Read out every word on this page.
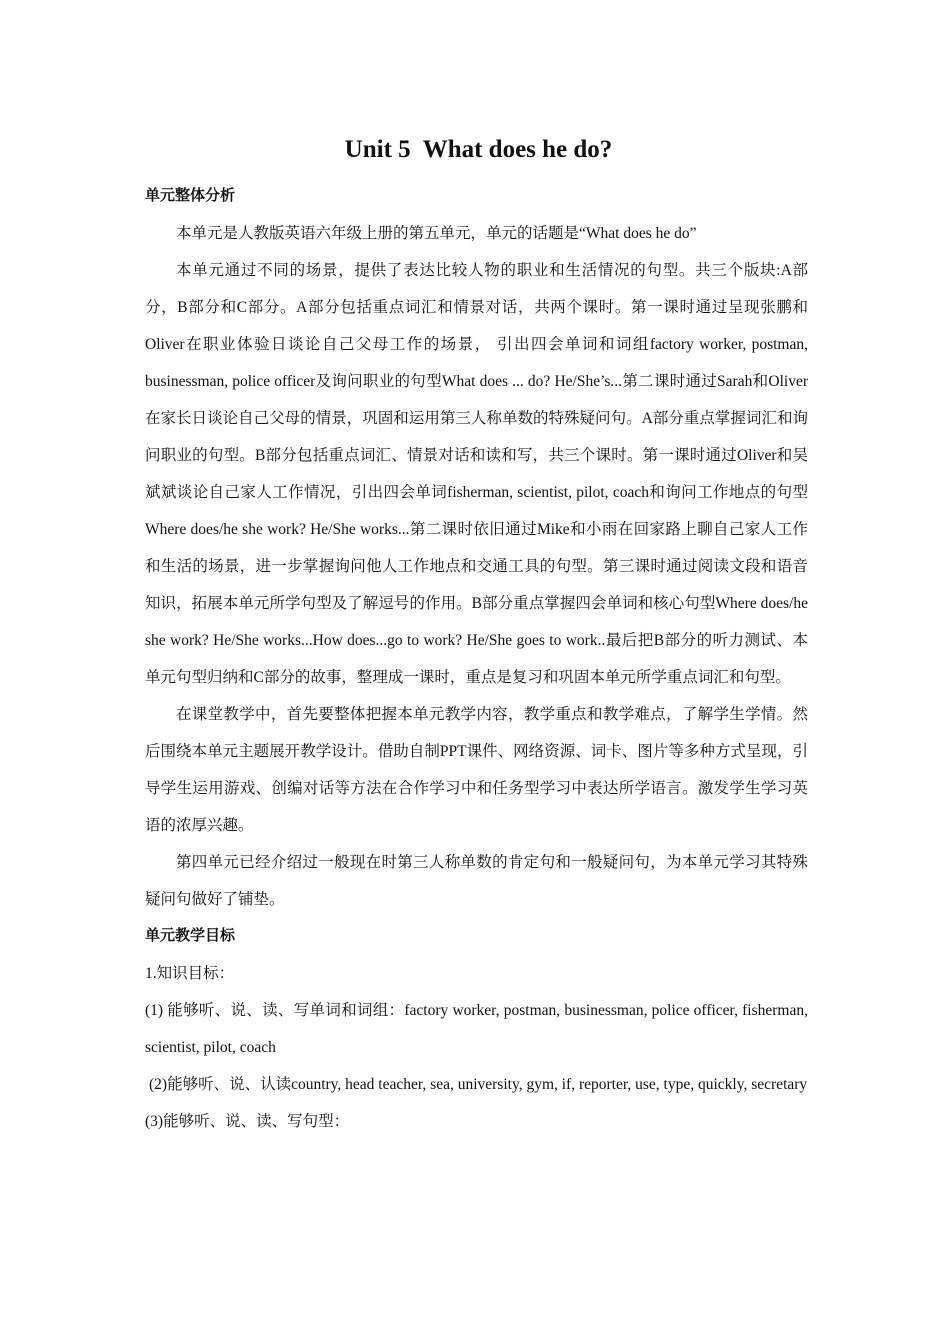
Unit 5  What does he do?

单元整体分析

本单元是人教版英语六年级上册的第五单元，单元的话题是“What does he do”

本单元通过不同的场景，提供了表达比较人物的职业和生活情况的句型。共三个版块:A部分，B部分和C部分。A部分包括重点词汇和情景对话，共两个课时。第一课时通过呈现张鹏和Oliver在职业体验日谈论自己父母工作的场景， 引出四会单词和词组factory worker, postman, businessman, police officer及询问职业的句型What does ... do? He/She’s...第二课时通过Sarah和Oliver在家长日谈论自己父母的情景，巩固和运用第三人称单数的特殊疑问句。A部分重点掌握词汇和询问职业的句型。B部分包括重点词汇、情景对话和读和写，共三个课时。第一课时通过Oliver和吴斌斌谈论自己家人工作情况，引出四会单词fisherman, scientist, pilot, coach和询问工作地点的句型Where does/he she work? He/She works...第二课时依旧通过Mike和小雨在回家路上聊自己家人工作和生活的场景，进一步掌握询问他人工作地点和交通工具的句型。第三课时通过阅读文段和语音知识，拓展本单元所学句型及了解逗号的作用。B部分重点掌握四会单词和核心句型Where does/he she work? He/She works...How does...go to work? He/She goes to work..最后把B部分的听力测试、本单元句型归纳和C部分的故事，整理成一课时，重点是复习和巩固本单元所学重点词汇和句型。

在课堂教学中，首先要整体把握本单元教学内容，教学重点和教学难点，了解学生学情。然后围绕本单元主题展开教学设计。借助自制PPT课件、网络资源、词卡、图片等多种方式呈现，引导学生运用游戏、创编对话等方法在合作学习中和任务型学习中表达所学语言。激发学生学习英语的浓厚兴趣。

第四单元已经介绍过一般现在时第三人称单数的肯定句和一般疑问句，为本单元学习其特殊疑问句做好了铺垫。

单元教学目标

1.知识目标：

(1) 能够听、说、读、写单词和词组：factory worker, postman, businessman, police officer, fisherman, scientist, pilot, coach

(2)能够听、说、认读country, head teacher, sea, university, gym, if, reporter, use, type, quickly, secretary

(3)能够听、说、读、写句型：
